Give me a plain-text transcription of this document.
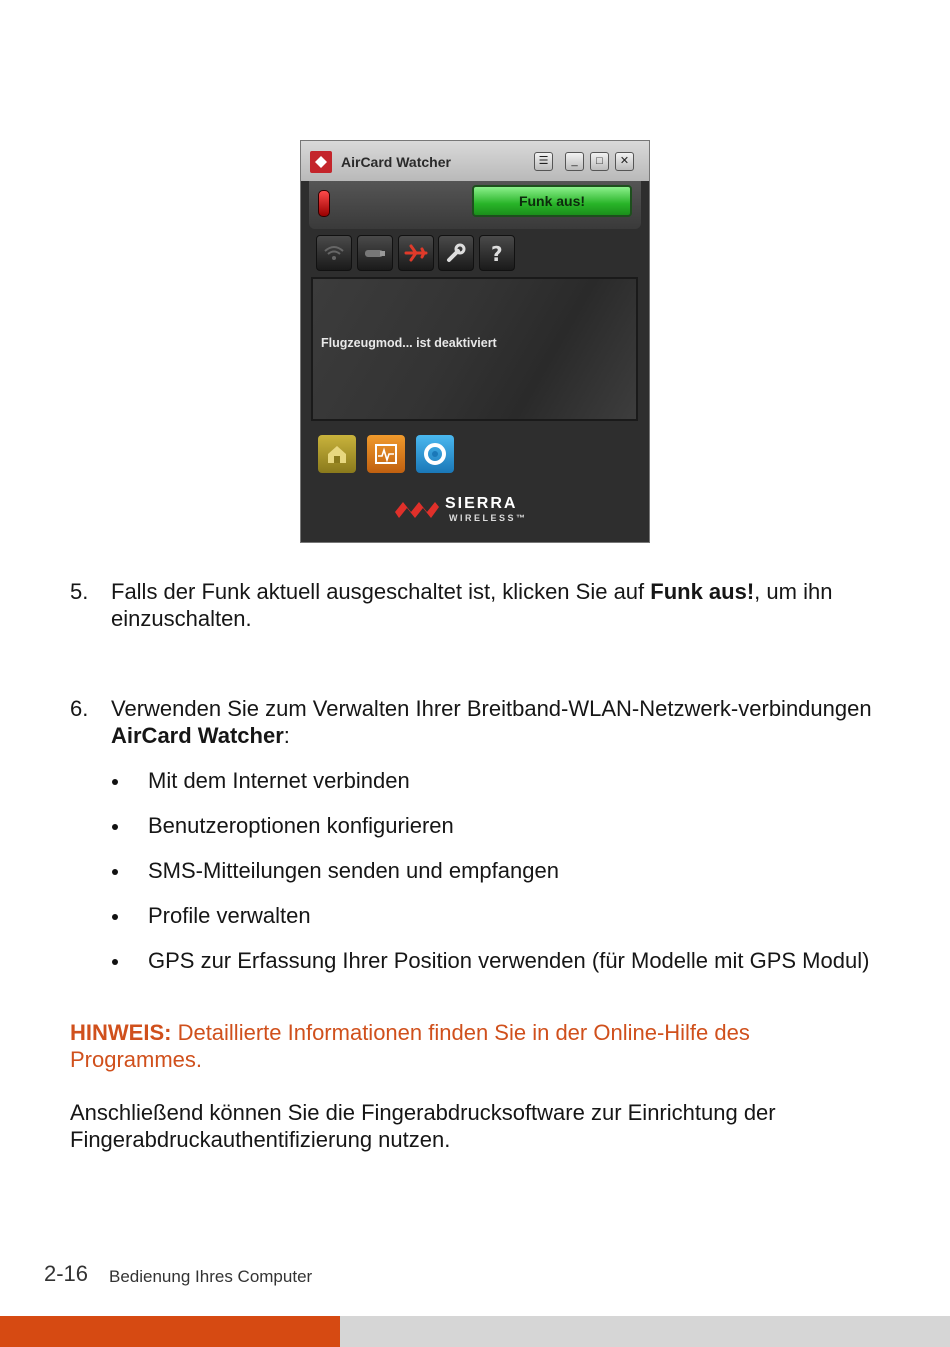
AirCard Watcher	☰	_	□	✕
Funk aus!
?
Flugzeugmod... ist deaktiviert
SIERRA
WIRELESS™
5. Falls der Funk aktuell ausgeschaltet ist, klicken Sie auf Funk aus!, um ihn einzuschalten.
6. Verwenden Sie zum Verwalten Ihrer Breitband-WLAN-Netzwerk-verbindungen AirCard Watcher:
Mit dem Internet verbinden
Benutzeroptionen konfigurieren
SMS-Mitteilungen senden und empfangen
Profile verwalten
GPS zur Erfassung Ihrer Position verwenden (für Modelle mit GPS Modul)
HINWEIS: Detaillierte Informationen finden Sie in der Online-Hilfe des Programmes.
Anschließend können Sie die Fingerabdrucksoftware zur Einrichtung der Fingerabdruckauthentifizierung nutzen.
2-16 Bedienung Ihres Computer
